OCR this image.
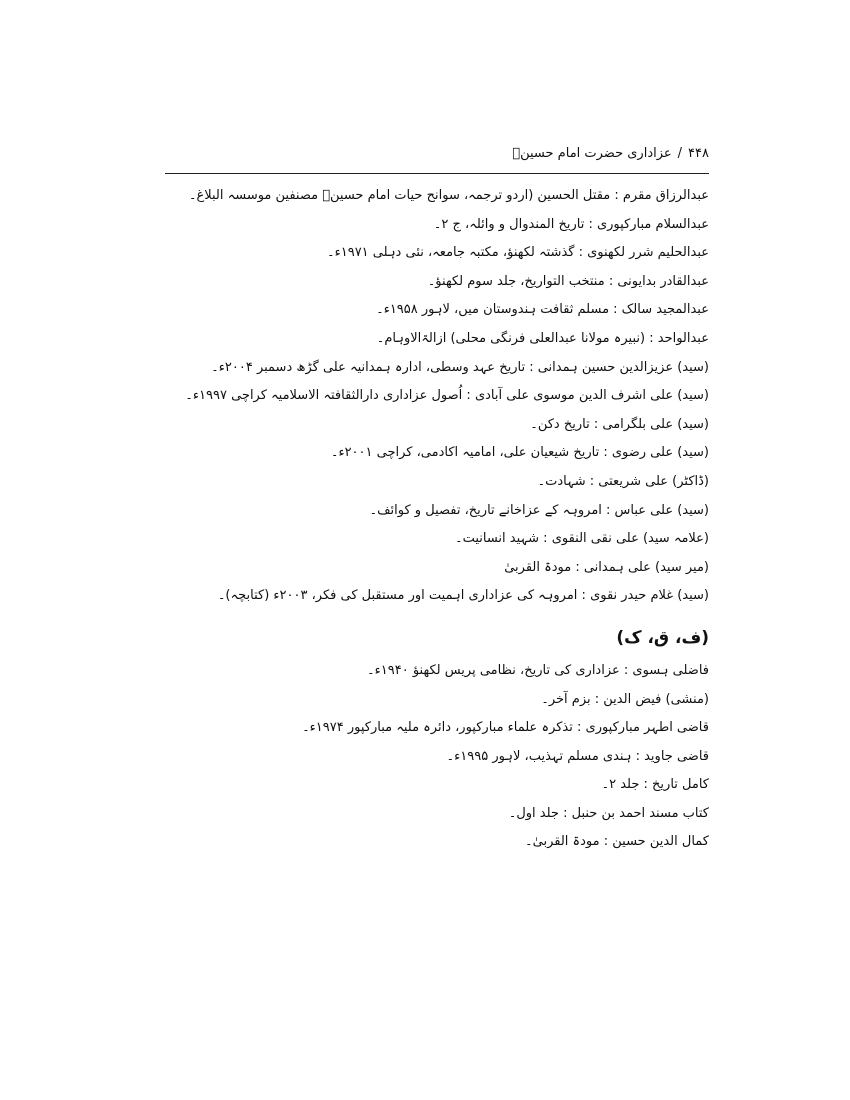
۴۴۸/عزاداری حضرت امام حسینؑ
عبدالرزاق مقرم : مقتل الحسین (اردو ترجمہ، سوانح حیات امام حسینؑ مصنفین موسسہ البلاغ۔
عبدالسلام مبارکپوری : تاریخ المندوال و وائلہ، ج ۲۔
عبدالحلیم شرر لکھنوی : گذشتہ لکھنؤ، مکتبہ جامعہ، نئی دہلی ۱۹۷۱ء۔
عبدالقادر بدایونی : منتخب التواریخ، جلد سوم لکھنؤ۔
عبدالمجید سالک : مسلم ثقافت ہندوستان میں، لاہور ۱۹۵۸ء۔
عبدالواحد : (نبیرہ مولانا عبدالعلی فرنگی محلی) ازالۃالاوہام۔
(سید) عزیزالدین حسین ہمدانی : تاریخ عہد وسطی، ادارہ ہمدانیہ علی گڑھ دسمبر ۲۰۰۴ء۔
(سید) علی اشرف الدین موسوی علی آبادی : اُصول عزاداری دارالثقافتہ الاسلامیہ کراچی ۱۹۹۷ء۔
(سید) علی بلگرامی : تاریخ دکن۔
(سید) علی رضوی : تاریخ شیعیان علی، امامیہ اکادمی، کراچی ۲۰۰۱ء۔
(ڈاکٹر) علی شریعتی : شہادت۔
(سید) علی عباس : امروہہ کے عزاخانے تاریخ، تفصیل و کوائف۔
(علامہ سید) علی نقی النقوی : شہید انسانیت۔
(میر سید) علی ہمدانی : مودۃ القربیٰ
(سید) غلام حیدر نقوی : امروہہ کی عزاداری اہمیت اور مستقبل کی فکر، ۲۰۰۳ء (کتابچہ)۔
(ف، ق، ک)
فاضلی ہسوی : عزاداری کی تاریخ، نظامی پریس لکھنؤ ۱۹۴۰ء۔
(منشی) فیض الدین : بزم آخر۔
قاضی اطہر مبارکپوری : تذکرہ علماء مبارکپور، دائرہ ملیہ مبارکپور ۱۹۷۴ء۔
قاضی جاوید : ہندی مسلم تہذیب، لاہور ۱۹۹۵ء۔
کامل تاریخ : جلد ۲۔
کتاب مسند احمد بن حنبل : جلد اول۔
کمال الدین حسین : مودۃ القربیٰ۔
